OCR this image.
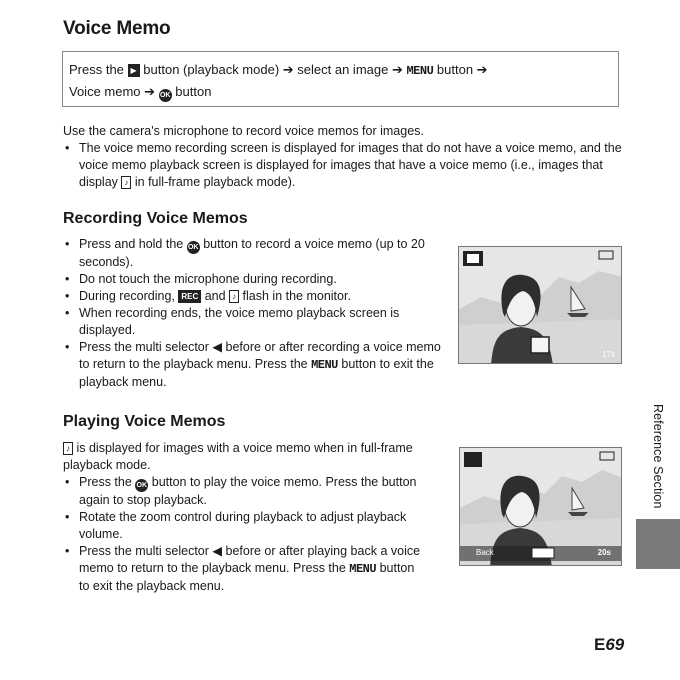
Voice Memo
Press the ▶ button (playback mode) ➔ select an image ➔ MENU button ➔
Voice memo ➔ OK button
Use the camera's microphone to record voice memos for images.
• The voice memo recording screen is displayed for images that do not have a voice memo, and the voice memo playback screen is displayed for images that have a voice memo (i.e., images that display ♪ in full-frame playback mode).
Recording Voice Memos
• Press and hold the OK button to record a voice memo (up to 20 seconds).
• Do not touch the microphone during recording.
• During recording, REC and ♪ flash in the monitor.
• When recording ends, the voice memo playback screen is displayed.
• Press the multi selector ◀ before or after recording a voice memo to return to the playback menu. Press the MENU button to exit the playback menu.
17s
Playing Voice Memos
♪ is displayed for images with a voice memo when in full-frame playback mode.
• Press the OK button to play the voice memo. Press the button again to stop playback.
• Rotate the zoom control during playback to adjust playback volume.
• Press the multi selector ◀ before or after playing back a voice memo to return to the playback menu. Press the MENU button to exit the playback menu.
Back	20s
Reference Section
E69
